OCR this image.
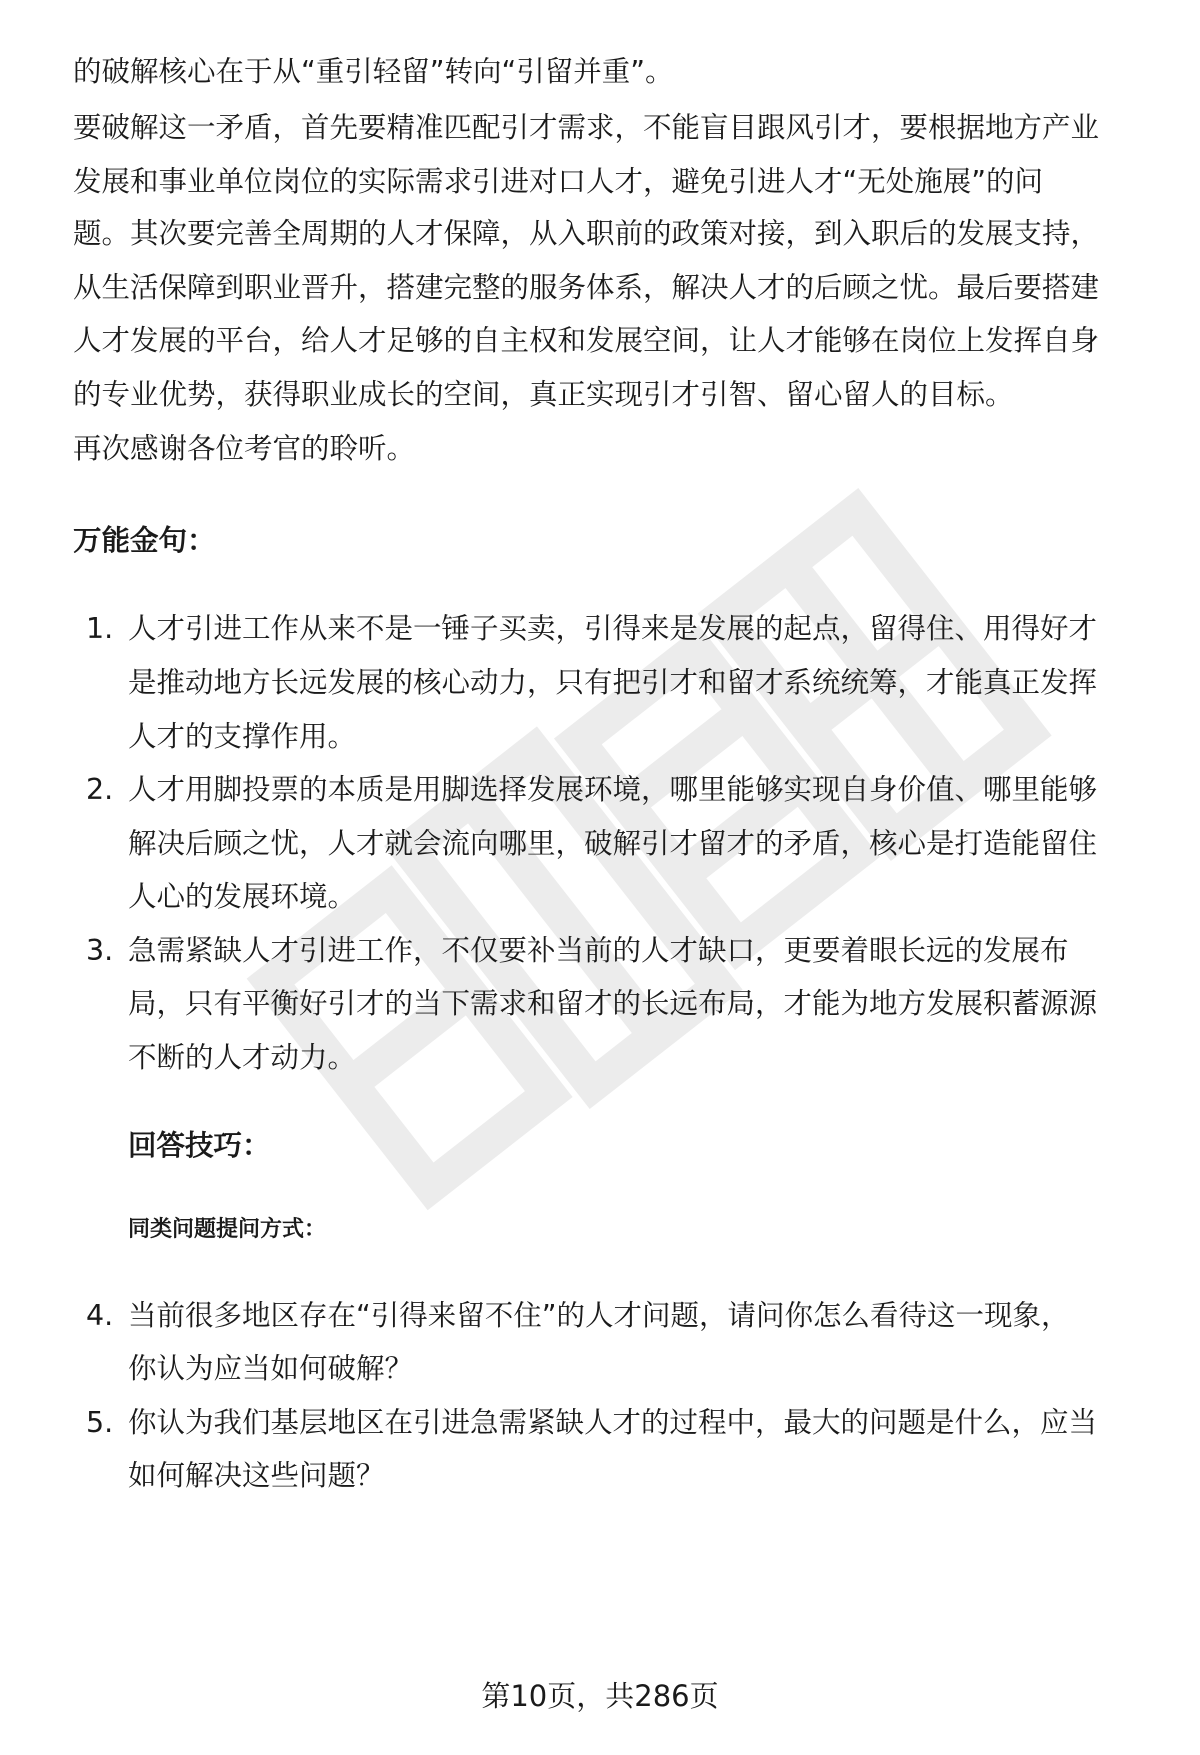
的破解核心在于从“重引轻留”转向“引留并重”。
要破解这一矛盾，首先要精准匹配引才需求，不能盲目跟风引才，要根据地方产业
发展和事业单位岗位的实际需求引进对口人才，避免引进人才“无处施展”的问
题。其次要完善全周期的人才保障，从入职前的政策对接，到入职后的发展支持，
从生活保障到职业晋升，搭建完整的服务体系，解决人才的后顾之忧。最后要搭建
人才发展的平台，给人才足够的自主权和发展空间，让人才能够在岗位上发挥自身
的专业优势，获得职业成长的空间，真正实现引才引智、留心留人的目标。
再次感谢各位考官的聆听。
万能金句：
1. 人才引进工作从来不是一锤子买卖，引得来是发展的起点，留得住、用得好才
是推动地方长远发展的核心动力，只有把引才和留才系统统筹，才能真正发挥
人才的支撑作用。
2. 人才用脚投票的本质是用脚选择发展环境，哪里能够实现自身价值、哪里能够
解决后顾之忧，人才就会流向哪里，破解引才留才的矛盾，核心是打造能留住
人心的发展环境。
3. 急需紧缺人才引进工作，不仅要补当前的人才缺口，更要着眼长远的发展布
局，只有平衡好引才的当下需求和留才的长远布局，才能为地方发展积蓄源源
不断的人才动力。
回答技巧：
同类问题提问方式：
4. 当前很多地区存在“引得来留不住”的人才问题，请问你怎么看待这一现象，
你认为应当如何破解？
5. 你认为我们基层地区在引进急需紧缺人才的过程中，最大的问题是什么，应当
如何解决这些问题？
第10页，共286页
